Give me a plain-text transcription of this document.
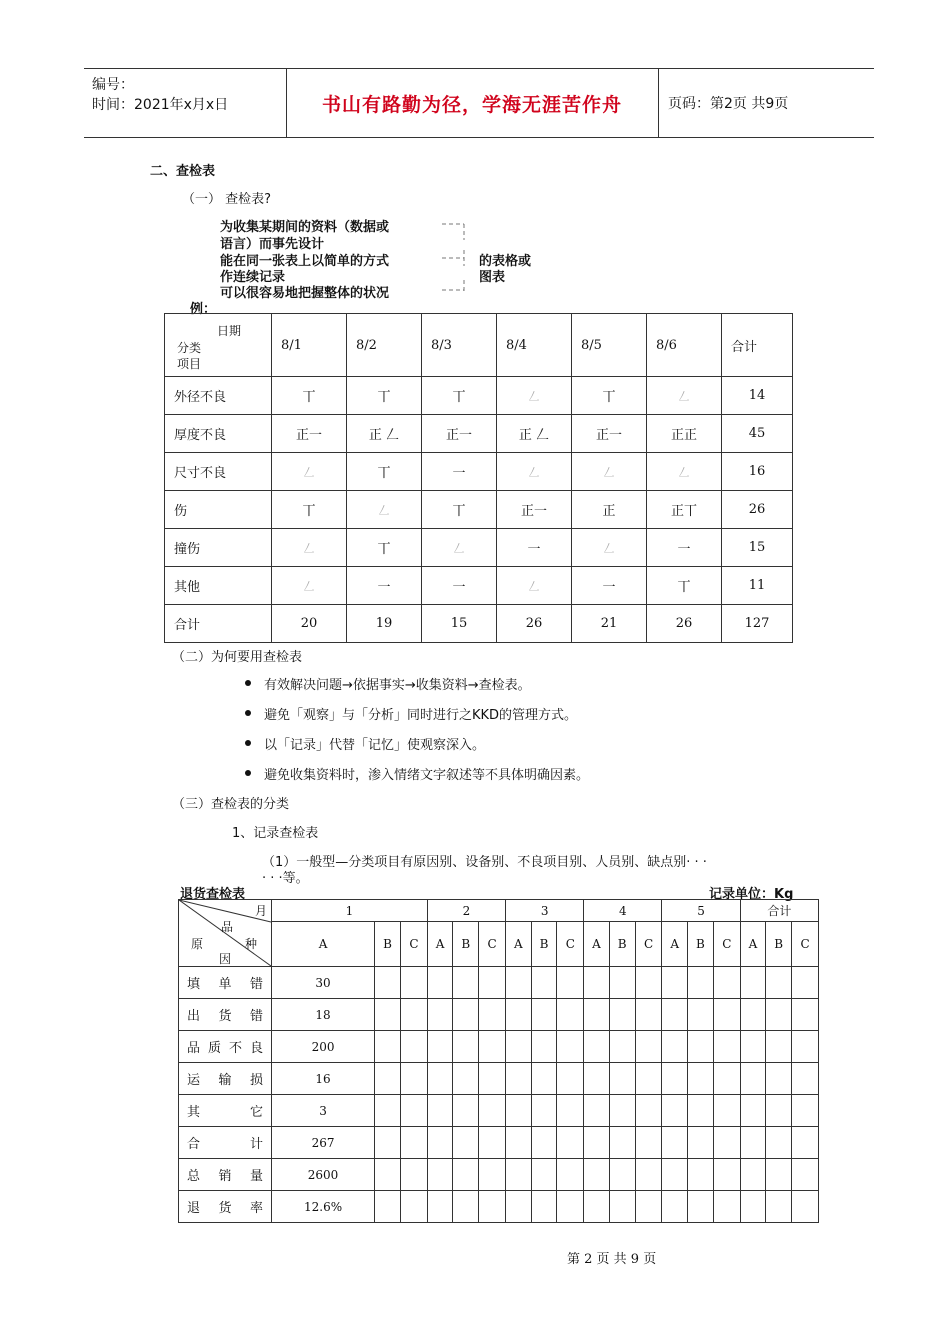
编号：
时间：2021年x月x日	书山有路勤为径，学海无涯苦作舟	页码：第2页 共9页
二、查检表
（一） 查检表?
为收集某期间的资料（数据或
语言）而事先设计
能在同一张表上以简单的方式
作连续记录
可以很容易地把握整体的状况
例：
的表格或
图表
日期
分类
项目	8/1	8/2	8/3	8/4	8/5	8/6	合计
外径不良	丅	丅	丅	𠃋	丅	𠃋	14
厚度不良	正一	正 𠃋	正一	正 𠃋	正一	正正	45
尺寸不良	𠃋	丅	一	𠃋	𠃋	𠃋	16
伤	丅	𠃋	丅	正一	正	正丅	26
撞伤	𠃋	丅	𠃋	一	𠃋	一	15
其他	𠃋	一	一	𠃋	一	丅	11
合计	20	19	15	26	21	26	127
（二）为何要用查检表
有效解决问题→依据事实→收集资料→查检表。
避免「观察」与「分析」同时进行之KKD的管理方式。
以「记录」代替「记忆」使观察深入。
避免收集资料时，渗入情绪文字叙述等不具体明确因素。
（三）查检表的分类
1、记录查检表
（1）一般型—分类项目有原因别、设备别、不良项目别、人员别、缺点别· · ·
· · ·等。
退货查检表	记录单位：Kg
月
品
种
原
因	1			2			3			4			5			合计		
	A	B	C	A	B	C	A	B	C	A	B	C	A	B	C	A	B	C
填单错	30																	
出货错	18																	
品质不良	200																	
运输损	16																	
其它	3																	
合计	267																	
总销量	2600																	
退货率	12.6%																	
第 2 页 共 9 页
